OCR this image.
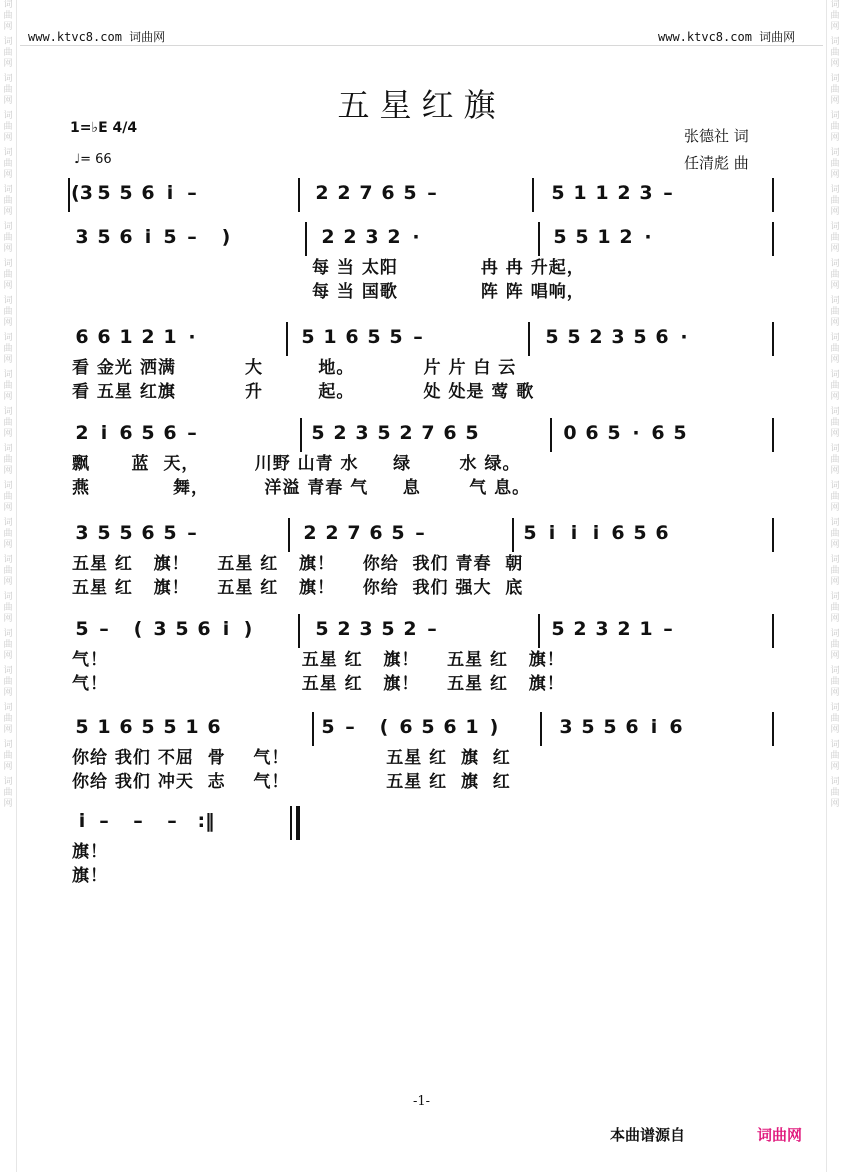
词曲网
词曲网
词曲网
词曲网
词曲网
词曲网
词曲网
词曲网
词曲网
词曲网
词曲网
词曲网
词曲网
词曲网
词曲网
词曲网
词曲网
词曲网
词曲网
词曲网
词曲网
词曲网
词曲网
词曲网
词曲网
词曲网
词曲网
词曲网
词曲网
词曲网
词曲网
词曲网
词曲网
词曲网
词曲网
词曲网
词曲网
词曲网
词曲网
词曲网
词曲网
词曲网
词曲网
词曲网
www.ktvc8.com 词曲网	www.ktvc8.com 词曲网
五星红旗
1=♭E 4/4
♩= 66
张德社 词
任清彪 曲
(3 5 5 6 i –	2 2 7 6 5 –	5 1 1 2 3 –
3 5 6 i 5 – )	2 2 3 2 ·	5 5 1 2 ·
每 当 太阳            冉 冉 升起，
每 当 国歌            阵 阵 唱响，
6 6 1 2 1 ·	5 1 6 5 5 –	5 5 2 3 5 6 ·
看 金光 洒满          大        地。          片 片 白 云
看 五星 红旗          升        起。          处 处是 莺 歌
2 i 6 5 6 –	5 2 3 5 2 7 6 5	0 6 5 · 6 5
飘      蓝  天，        川野 山青 水     绿       水 绿。
燕            舞，        洋溢 青春 气     息       气 息。
3 5 5 6 5 –	2 2 7 6 5 –	5 i i i 6 5 6
五星 红   旗！    五星 红   旗！    你给  我们 青春  朝
五星 红   旗！    五星 红   旗！    你给  我们 强大  底
5 – ( 3 5 6 i )	5 2 3 5 2 –	5 2 3 2 1 –
气！                            五星 红   旗！    五星 红   旗！
气！                            五星 红   旗！    五星 红   旗！
5 1 6 5 5 1 6	5 – ( 6 5 6 1 )	3 5 5 6 i 6
你给 我们 不屈  骨    气！              五星 红  旗  红
你给 我们 冲天  志    气！              五星 红  旗  红
i – – – :‖
旗！
旗！
-1-
本曲谱源自	词曲网
